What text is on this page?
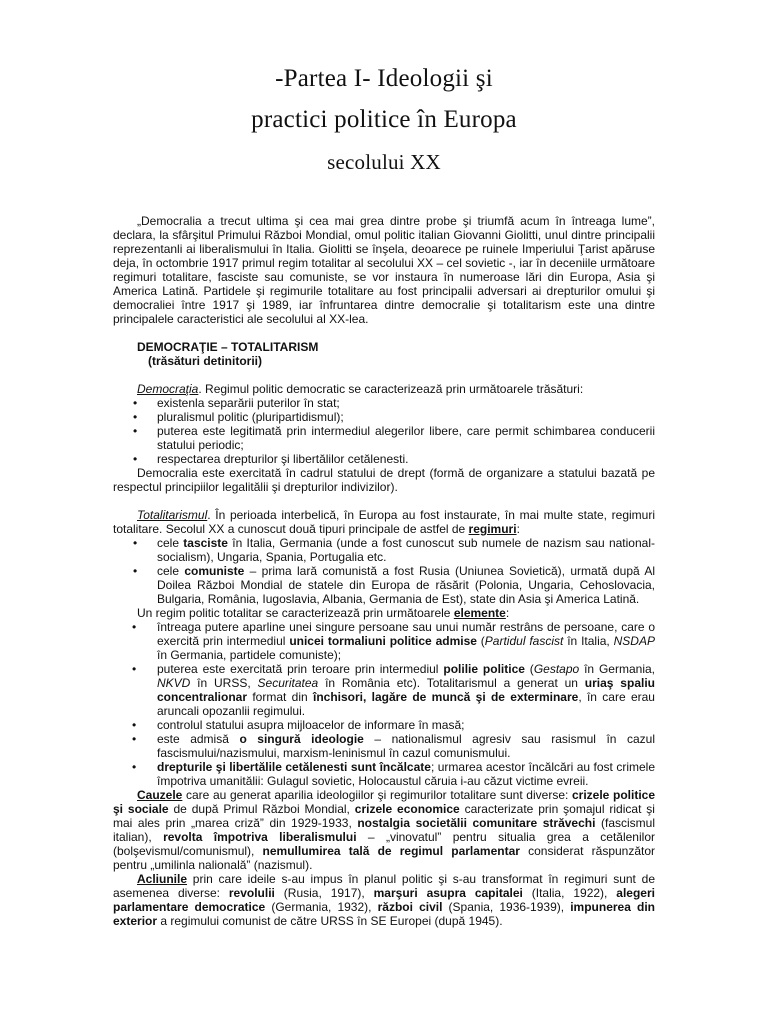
-Partea I- Ideologii şi
practici politice în Europa
secolului XX

„Democralia a trecut ultima şi cea mai grea dintre probe şi triumfă acum în întreaga lume”, declara, la sfârşitul Primului Război Mondial, omul politic italian Giovanni Giolitti, unul dintre principalii reprezentanli ai liberalismului în Italia. Giolitti se înşela, deoarece pe ruinele Imperiului Ţarist apăruse deja, în octombrie 1917 primul regim totalitar al secolului XX – cel sovietic -, iar în deceniile următoare regimuri totalitare, fasciste sau comuniste, se vor instaura în numeroase lări din Europa, Asia şi America Latină. Partidele şi regimurile totalitare au fost principalii adversari ai drepturilor omului şi democraliei între 1917 şi 1989, iar înfruntarea dintre democralie şi totalitarism este una dintre principalele caracteristici ale secolului al XX-lea.

DEMOCRAŢIE – TOTALITARISM

(trăsături detinitorii)

Democraţia. Regimul politic democratic se caracterizează prin următoarele trăsături:

• existenla separării puterilor în stat;
• pluralismul politic (pluripartidismul);
• puterea este legitimată prin intermediul alegerilor libere, care permit schimbarea conducerii statului periodic;
• respectarea drepturilor şi libertălilor cetălenesti.

Democralia este exercitată în cadrul statului de drept (formă de organizare a statului bazată pe respectul principiilor legalitălii şi drepturilor indivizilor).

Totalitarismul. În perioada interbelică, în Europa au fost instaurate, în mai multe state, regimuri totalitare. Secolul XX a cunoscut două tipuri principale de astfel de regimuri:

• cele tasciste în Italia, Germania (unde a fost cunoscut sub numele de nazism sau national-socialism), Ungaria, Spania, Portugalia etc.
• cele comuniste – prima lară comunistă a fost Rusia (Uniunea Sovietică), urmată după Al Doilea Război Mondial de statele din Europa de răsărit (Polonia, Ungaria, Cehoslovacia, Bulgaria, România, Iugoslavia, Albania, Germania de Est), state din Asia şi America Latină.

Un regim politic totalitar se caracterizează prin următoarele elemente:

• întreaga putere aparline unei singure persoane sau unui număr restrâns de persoane, care o exercită prin intermediul unicei tormaliuni politice admise (Partidul fascist în Italia, NSDAP în Germania, partidele comuniste);
• puterea este exercitată prin teroare prin intermediul polilie politice (Gestapo în Germania, NKVD în URSS, Securitatea în România etc). Totalitarismul a generat un uriaş spaliu concentralionar format din închisori, lagăre de muncă şi de exterminare, în care erau aruncali opozanlii regimului.
• controlul statului asupra mijloacelor de informare în masă;
• este admisă o singură ideologie – nationalismul agresiv sau rasismul în cazul fascismului/nazismului, marxism-leninismul în cazul comunismului.
• drepturile şi libertălile cetălenesti sunt încălcate; urmarea acestor încălcări au fost crimele împotriva umanitălii: Gulagul sovietic, Holocaustul căruia i-au căzut victime evreii.

Cauzele care au generat aparilia ideologiilor şi regimurilor totalitare sunt diverse: crizele politice şi sociale de după Primul Război Mondial, crizele economice caracterizate prin şomajul ridicat şi mai ales prin „marea criză” din 1929-1933, nostalgia societălii comunitare străvechi (fascismul italian), revolta împotriva liberalismului – „vinovatul” pentru situalia grea a cetălenilor (bolşevismul/comunismul), nemullumirea tală de regimul parlamentar considerat răspunzător pentru „umilinla nalională” (nazismul).

Acliunile prin care ideile s-au impus în planul politic şi s-au transformat în regimuri sunt de asemenea diverse: revolulii (Rusia, 1917), marşuri asupra capitalei (Italia, 1922), alegeri parlamentare democratice (Germania, 1932), război civil (Spania, 1936-1939), impunerea din exterior a regimului comunist de către URSS în SE Europei (după 1945).
